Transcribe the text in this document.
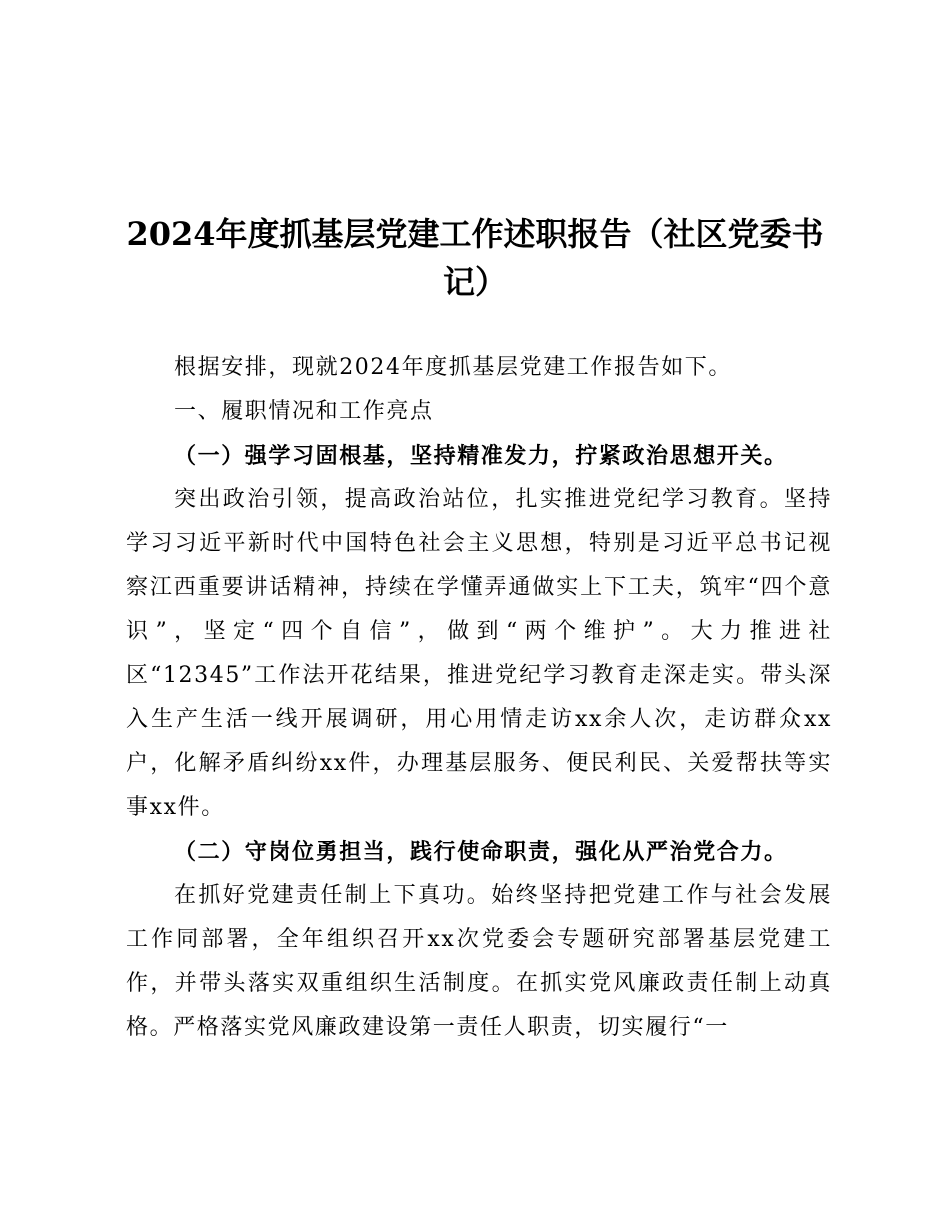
2024年度抓基层党建工作述职报告（社区党委书记）

根据安排，现就2024年度抓基层党建工作报告如下。

一、履职情况和工作亮点

（一）强学习固根基，坚持精准发力，拧紧政治思想开关。

突出政治引领，提高政治站位，扎实推进党纪学习教育。坚持学习习近平新时代中国特色社会主义思想，特别是习近平总书记视察江西重要讲话精神，持续在学懂弄通做实上下工夫，筑牢“四个意识”，坚定“四个自信”，做到“两个维护”。大力推进社区“12345”工作法开花结果，推进党纪学习教育走深走实。带头深入生产生活一线开展调研，用心用情走访xx余人次，走访群众xx户，化解矛盾纠纷xx件，办理基层服务、便民利民、关爱帮扶等实事xx件。

（二）守岗位勇担当，践行使命职责，强化从严治党合力。

在抓好党建责任制上下真功。始终坚持把党建工作与社会发展工作同部署，全年组织召开xx次党委会专题研究部署基层党建工作，并带头落实双重组织生活制度。在抓实党风廉政责任制上动真格。严格落实党风廉政建设第一责任人职责，切实履行“一
